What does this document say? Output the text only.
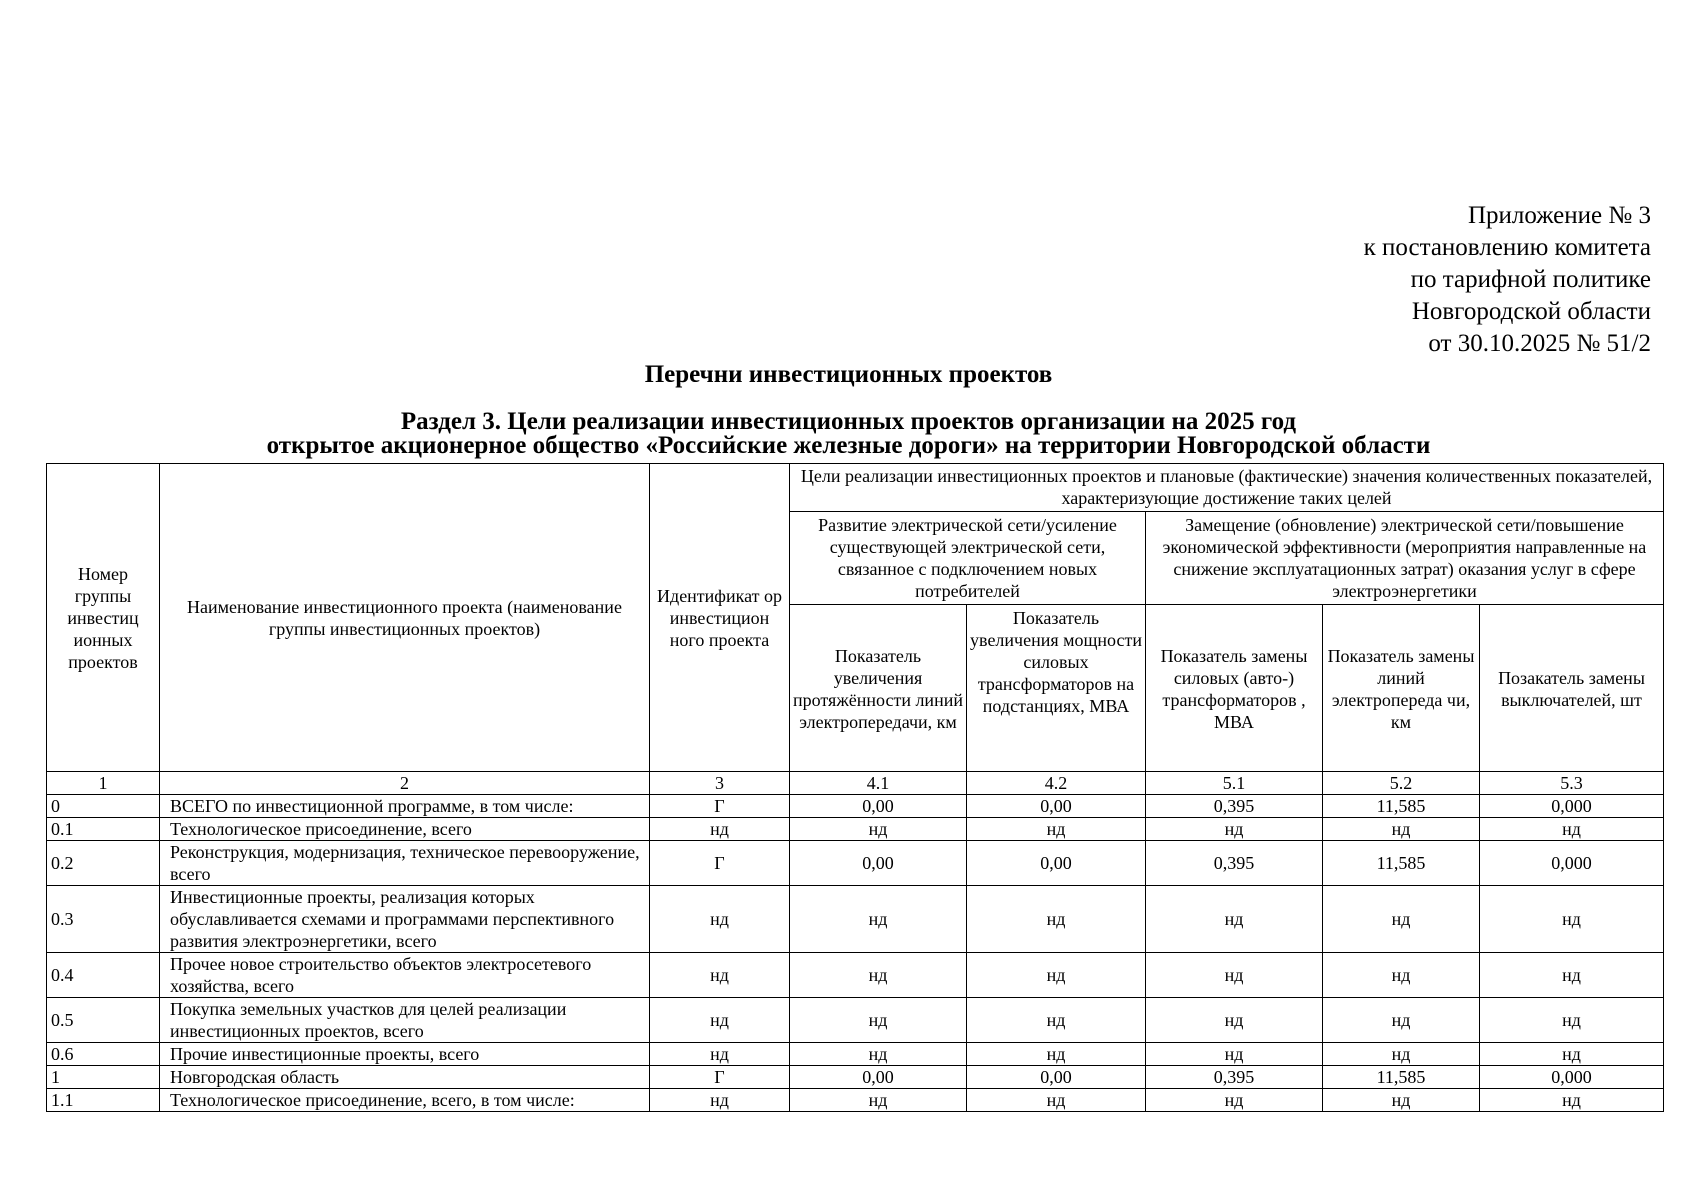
Приложение № 3
к постановлению комитета
по тарифной политике
Новгородской области
от 30.10.2025 № 51/2
Перечни инвестиционных проектов
Раздел 3. Цели реализации инвестиционных проектов организации на 2025 год
открытое акционерное общество «Российские железные дороги» на территории Новгородской области
Номер группы инвестиц ионных проектов	Наименование инвестиционного проекта (наименование группы инвестиционных проектов)	Идентификат ор инвестицион ного проекта	Цели реализации инвестиционных проектов и плановые (фактические) значения количественных показателей, характеризующие достижение таких целей				
			Развитие электрической сети/усиление существующей электрической сети, связанное с подключением новых потребителей		Замещение (обновление) электрической сети/повышение экономической эффективности (мероприятия направленные на снижение эксплуатационных затрат) оказания услуг в сфере электроэнергетики		
			Показатель увеличения протяжённости линий электропередачи, км	Показатель увеличения мощности силовых трансформаторов на подстанциях, МВА	Показатель замены силовых (авто-) трансформаторов , МВА	Показатель замены линий электропереда чи, км	Позакатель замены выключателей, шт
1	2	3	4.1	4.2	5.1	5.2	5.3
0	ВСЕГО по инвестиционной программе, в том числе:	Г	0,00	0,00	0,395	11,585	0,000
0.1	Технологическое присоединение, всего	нд	нд	нд	нд	нд	нд
0.2	Реконструкция, модернизация, техническое перевооружение, всего	Г	0,00	0,00	0,395	11,585	0,000
0.3	Инвестиционные проекты, реализация которых обуславливается схемами и программами перспективного развития электроэнергетики, всего	нд	нд	нд	нд	нд	нд
0.4	Прочее новое строительство объектов электросетевого хозяйства, всего	нд	нд	нд	нд	нд	нд
0.5	Покупка земельных участков для целей реализации инвестиционных проектов, всего	нд	нд	нд	нд	нд	нд
0.6	Прочие инвестиционные проекты, всего	нд	нд	нд	нд	нд	нд
1	Новгородская область	Г	0,00	0,00	0,395	11,585	0,000
1.1	Технологическое присоединение, всего, в том числе:	нд	нд	нд	нд	нд	нд
